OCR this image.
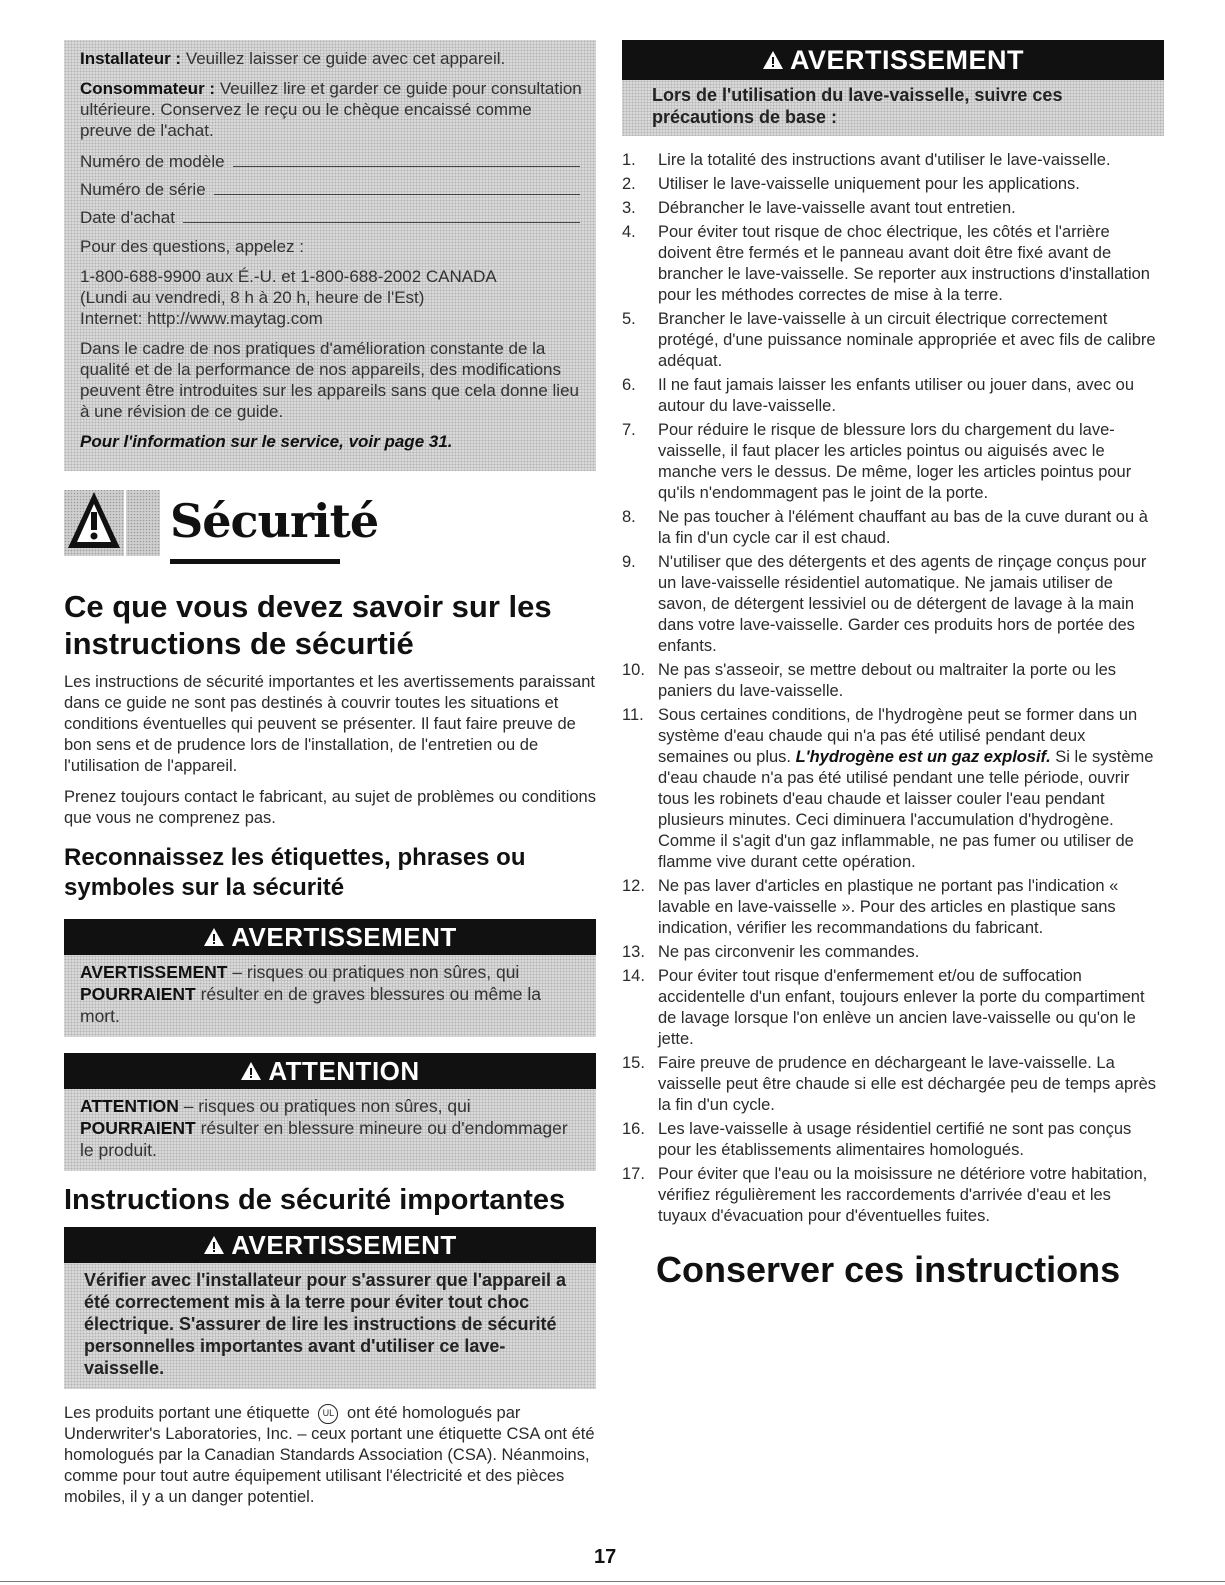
Installateur : Veuillez laisser ce guide avec cet appareil.

Consommateur : Veuillez lire et garder ce guide pour consultation ultérieure. Conservez le reçu ou le chèque encaissé comme preuve de l'achat.

Numéro de modèle
Numéro de série
Date d'achat

Pour des questions, appelez :

1-800-688-9900 aux É.-U. et 1-800-688-2002 CANADA

(Lundi au vendredi, 8 h à 20 h, heure de l'Est)

Internet: http://www.maytag.com

Dans le cadre de nos pratiques d'amélioration constante de la qualité et de la performance de nos appareils, des modifications peuvent être introduites sur les appareils sans que cela donne lieu à une révision de ce guide.

Pour l'information sur le service, voir page 31.

Sécurité
Ce que vous devez savoir sur les instructions de sécurtié

Les instructions de sécurité importantes et les avertissements paraissant dans ce guide ne sont pas destinés à couvrir toutes les situations et conditions éventuelles qui peuvent se présenter. Il faut faire preuve de bon sens et de prudence lors de l'installation, de l'entretien ou de l'utilisation de l'appareil.

Prenez toujours contact le fabricant, au sujet de problèmes ou conditions que vous ne comprenez pas.

Reconnaissez les étiquettes, phrases ou symboles sur la sécurité
AVERTISSEMENT
AVERTISSEMENT – risques ou pratiques non sûres, qui POURRAIENT résulter en de graves blessures ou même la mort.
ATTENTION
ATTENTION – risques ou pratiques non sûres, qui POURRAIENT résulter en blessure mineure ou d'endommager le produit.
Instructions de sécurité importantes
AVERTISSEMENT
Vérifier avec l'installateur pour s'assurer que l'appareil a été correctement mis à la terre pour éviter tout choc électrique. S'assurer de lire les instructions de sécurité personnelles importantes avant d'utiliser ce lave-vaisselle.

Les produits portant une étiquette UL ont été homologués par Underwriter's Laboratories, Inc. – ceux portant une étiquette CSA ont été homologués par la Canadian Standards Association (CSA). Néanmoins, comme pour tout autre équipement utilisant l'électricité et des pièces mobiles, il y a un danger potentiel.

AVERTISSEMENT
Lors de l'utilisation du lave-vaisselle, suivre ces précautions de base :
1.	Lire la totalité des instructions avant d'utiliser le lave-vaisselle.
2.	Utiliser le lave-vaisselle uniquement pour les applications.
3.	Débrancher le lave-vaisselle avant tout entretien.
4.	Pour éviter tout risque de choc électrique, les côtés et l'arrière doivent être fermés et le panneau avant doit être fixé avant de brancher le lave-vaisselle. Se reporter aux instructions d'installation pour les méthodes correctes de mise à la terre.
5.	Brancher le lave-vaisselle à un circuit électrique correctement protégé, d'une puissance nominale appropriée et avec fils de calibre adéquat.
6.	Il ne faut jamais laisser les enfants utiliser ou jouer dans, avec ou autour du lave-vaisselle.
7.	Pour réduire le risque de blessure lors du chargement du lave-vaisselle, il faut placer les articles pointus ou aiguisés avec le manche vers le dessus. De même, loger les articles pointus pour qu'ils n'endommagent pas le joint de la porte.
8.	Ne pas toucher à l'élément chauffant au bas de la cuve durant ou à la fin d'un cycle car il est chaud.
9.	N'utiliser que des détergents et des agents de rinçage conçus pour un lave-vaisselle résidentiel automatique. Ne jamais utiliser de savon, de détergent lessiviel ou de détergent de lavage à la main dans votre lave-vaisselle. Garder ces produits hors de portée des enfants.
10. Ne pas s'asseoir, se mettre debout ou maltraiter la porte ou les paniers du lave-vaisselle.
11. Sous certaines conditions, de l'hydrogène peut se former dans un système d'eau chaude qui n'a pas été utilisé pendant deux semaines ou plus. L'hydrogène est un gaz explosif. Si le système d'eau chaude n'a pas été utilisé pendant une telle période, ouvrir tous les robinets d'eau chaude et laisser couler l'eau pendant plusieurs minutes. Ceci diminuera l'accumulation d'hydrogène. Comme il s'agit d'un gaz inflammable, ne pas fumer ou utiliser de flamme vive durant cette opération.
12. Ne pas laver d'articles en plastique ne portant pas l'indication « lavable en lave-vaisselle ». Pour des articles en plastique sans indication, vérifier les recommandations du fabricant.
13. Ne pas circonvenir les commandes.
14. Pour éviter tout risque d'enfermement et/ou de suffocation accidentelle d'un enfant, toujours enlever la porte du compartiment de lavage lorsque l'on enlève un ancien lave-vaisselle ou qu'on le jette.
15. Faire preuve de prudence en déchargeant le lave-vaisselle. La vaisselle peut être chaude si elle est déchargée peu de temps après la fin d'un cycle.
16. Les lave-vaisselle à usage résidentiel certifié ne sont pas conçus pour les établissements alimentaires homologués.
17. Pour éviter que l'eau ou la moisissure ne détériore votre habitation, vérifiez régulièrement les raccordements d'arrivée d'eau et les tuyaux d'évacuation pour d'éventuelles fuites.
Conserver ces instructions
17
